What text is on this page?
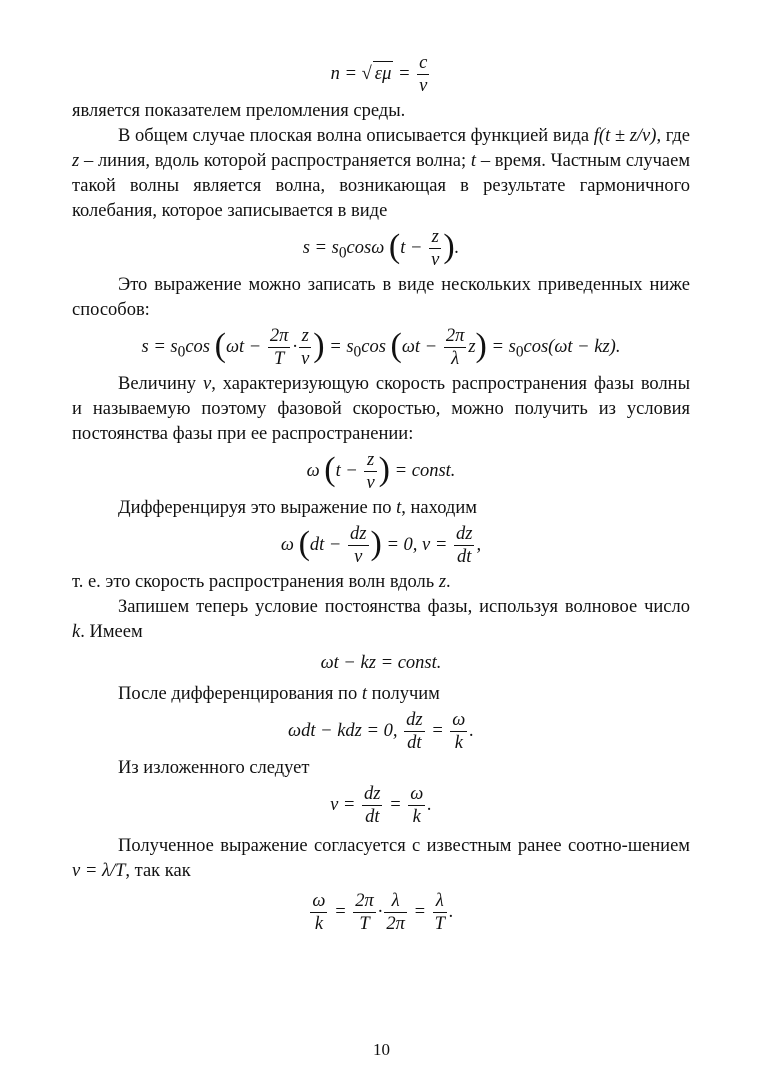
n = √ $\varepsilon\mu = \frac{c}{v}$

является показателем преломления среды.

В общем случае плоская волна описывается функцией вида f(t ± z/v), где z – линия, вдоль которой распространяется волна; t – время. Частным случаем такой волны является волна, возникающая в результате гармоничного колебания, которое записывается в виде

$s = s_0\cos\omega$ ($t - \frac{z}{v}$ ).

Это выражение можно записать в виде нескольких приведенных ниже способов:

$s = s_0\cos$ ($\omega t - \frac{2\pi}{T} \cdot \frac{z}{v}$ ) = $s_0\cos$ $(\omega t - \frac{2\pi}{\lambda} z) = s_0\cos(\omega t - kz)$.

Величину v, характеризующую скорость распространения фазы волны и называемую поэтому фазовой скоростью, можно получить из условия постоянства фазы при ее распространении:

ω ($t - \frac{z}{v}$ ) = const.

Дифференцируя это выражение по t, находим

ω ($dt - \frac{dz}{v}$ ) = 0, $v = \frac{dz}{dt}$ ,

т. е. это скорость распространения волн вдоль z.

Запишем теперь условие постоянства фазы, используя волновое число k. Имеем

ωt − kz = const.

После дифференцирования по t получим

ωdt − kdz = 0, $\frac{dz}{dt} = \frac{\omega}{k}$ .

Из изложенного следует

$v = \frac{dz}{dt} = \frac{\omega}{k}$ .

Полученное выражение согласуется с известным ранее соотно-шением v = λ/T, так как

$\frac{\omega}{k} = \frac{2\pi}{T} \cdot \frac{\lambda}{2\pi} = \frac{\lambda}{T}$ .
10
